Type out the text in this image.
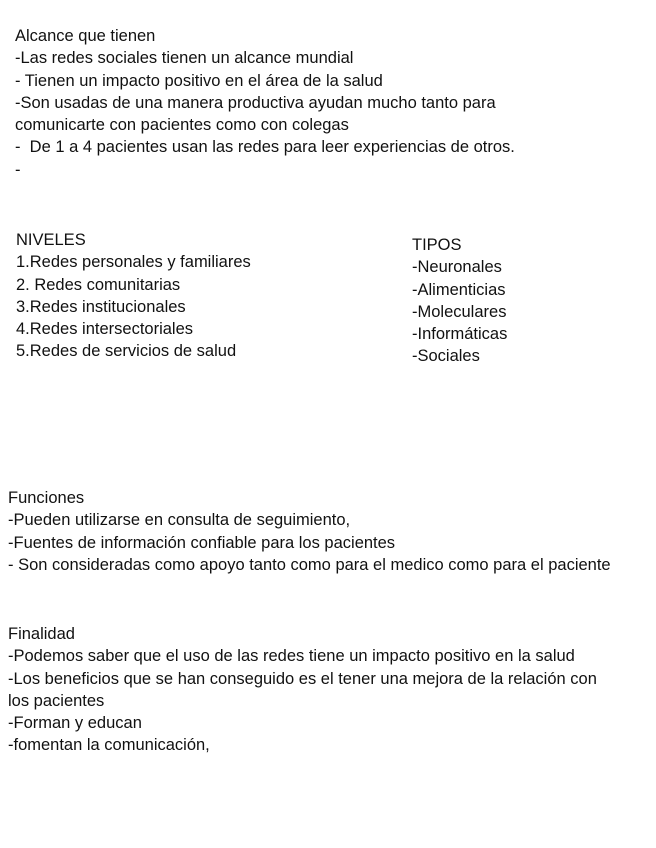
Alcance que tienen
-Las redes sociales tienen un alcance mundial
- Tienen un impacto positivo en el área de la salud
-Son usadas de una manera productiva ayudan mucho tanto para comunicarte con pacientes como con colegas
-  De 1 a 4 pacientes usan las redes para leer experiencias de otros.
-
NIVELES
1.Redes personales y familiares
2. Redes comunitarias
3.Redes institucionales
4.Redes intersectoriales
5.Redes de servicios de salud
TIPOS
-Neuronales
-Alimenticias
-Moleculares
-Informáticas
-Sociales
Funciones
-Pueden utilizarse en consulta de seguimiento,
-Fuentes de información confiable para los pacientes
- Son consideradas como apoyo tanto como para el medico como para el paciente
Finalidad
-Podemos saber que el uso de las redes tiene un impacto positivo en la salud
-Los beneficios que se han conseguido es el tener una mejora de la relación con los pacientes
-Forman y educan
-fomentan la comunicación,
